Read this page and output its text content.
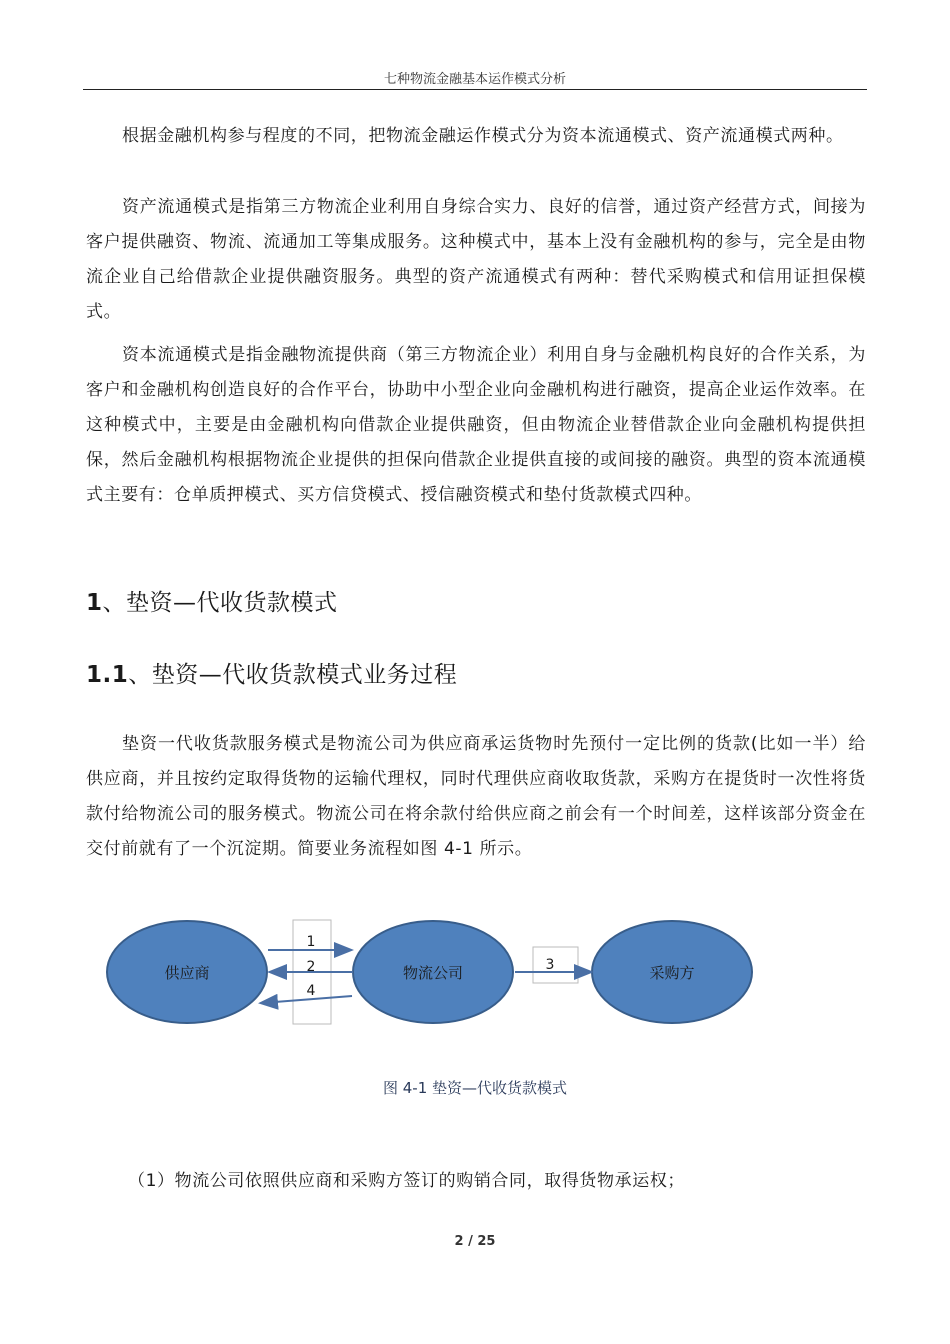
七种物流金融基本运作模式分析

根据金融机构参与程度的不同，把物流金融运作模式分为资本流通模式、资产流通模式两种。

资产流通模式是指第三方物流企业利用自身综合实力、良好的信誉，通过资产经营方式，间接为客户提供融资、物流、流通加工等集成服务。这种模式中，基本上没有金融机构的参与，完全是由物流企业自己给借款企业提供融资服务。典型的资产流通模式有两种：替代采购模式和信用证担保模式。

资本流通模式是指金融物流提供商（第三方物流企业）利用自身与金融机构良好的合作关系，为客户和金融机构创造良好的合作平台，协助中小型企业向金融机构进行融资，提高企业运作效率。在这种模式中，主要是由金融机构向借款企业提供融资，但由物流企业替借款企业向金融机构提供担保，然后金融机构根据物流企业提供的担保向借款企业提供直接的或间接的融资。典型的资本流通模式主要有：仓单质押模式、买方信贷模式、授信融资模式和垫付货款模式四种。

1、垫资—代收货款模式
1.1、垫资—代收货款模式业务过程

垫资一代收货款服务模式是物流公司为供应商承运货物时先预付一定比例的货款(比如一半）给供应商，并且按约定取得货物的运输代理权，同时代理供应商收取货款，采购方在提货时一次性将货款付给物流公司的服务模式。物流公司在将余款付给供应商之前会有一个时间差，这样该部分资金在交付前就有了一个沉淀期。简要业务流程如图 4-1 所示。

供应商	物流公司	采购方
1
2
4
3
图 4-1 垫资—代收货款模式

（1）物流公司依照供应商和采购方签订的购销合同，取得货物承运权；

2 / 25
